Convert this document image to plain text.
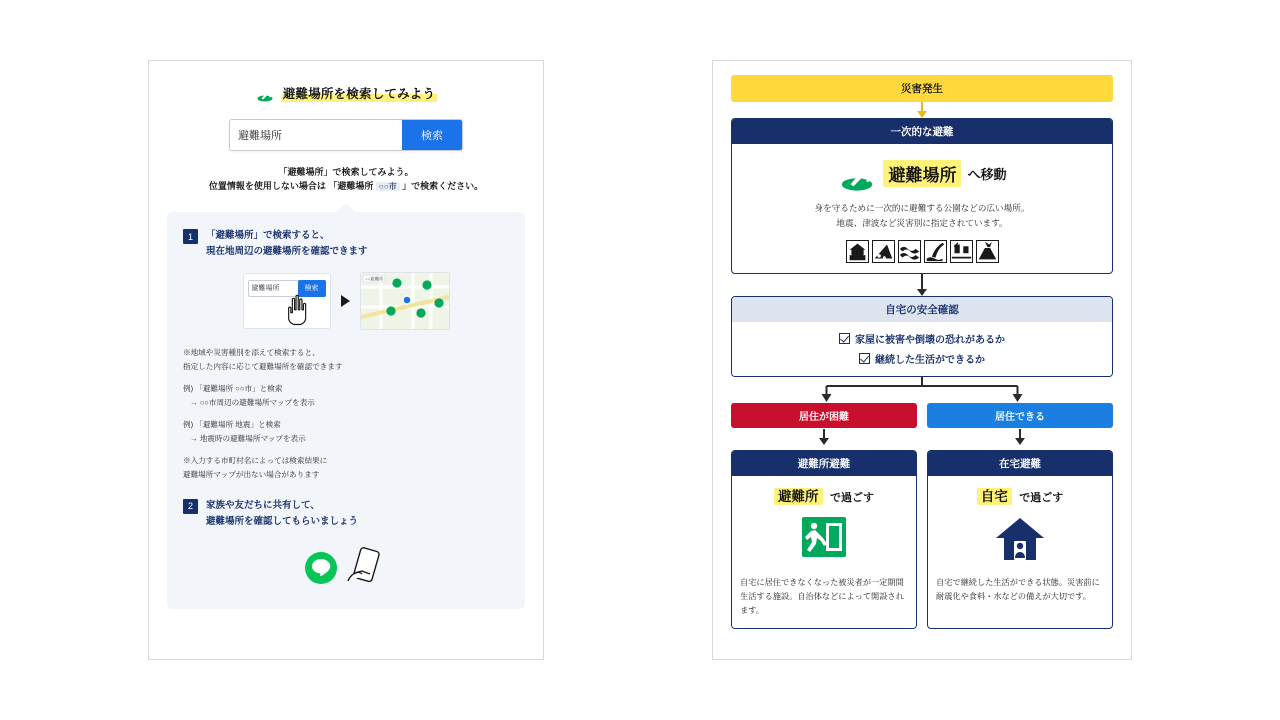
避難場所を検索してみよう
避難場所
検索
「避難場所」で検索してみよう。
位置情報を使用しない場合は 「避難場所 ○○市 」で検索ください。
1	「避難場所」で検索すると、
現在地周辺の避難場所を確認できます
避難場所	検索
○○避難所
※地域や災害種別を添えて検索すると、
指定した内容に応じて避難場所を確認できます
例) 「避難場所 ○○市」と検索
→ ○○市周辺の避難場所マップを表示
例) 「避難場所 地震」と検索
→ 地震時の避難場所マップを表示
※入力する市町村名によっては検索結果に
避難場所マップが出ない場合があります
2	家族や友だちに共有して、
避難場所を確認してもらいましょう
災害発生
一次的な避難
避難場所 へ移動
身を守るために一次的に避難する公園などの広い場所。
地震、津波など災害別に指定されています。
自宅の安全確認
家屋に被害や倒壊の恐れがあるか
継続した生活ができるか
居住が困難	居住できる
避難所避難
避難所 で過ごす
自宅に居住できなくなった被災者が一定期間生活する施設。自治体などによって開設されます。
在宅避難
自宅 で過ごす
自宅で継続した生活ができる状態。災害前に耐震化や食料・水などの備えが大切です。
